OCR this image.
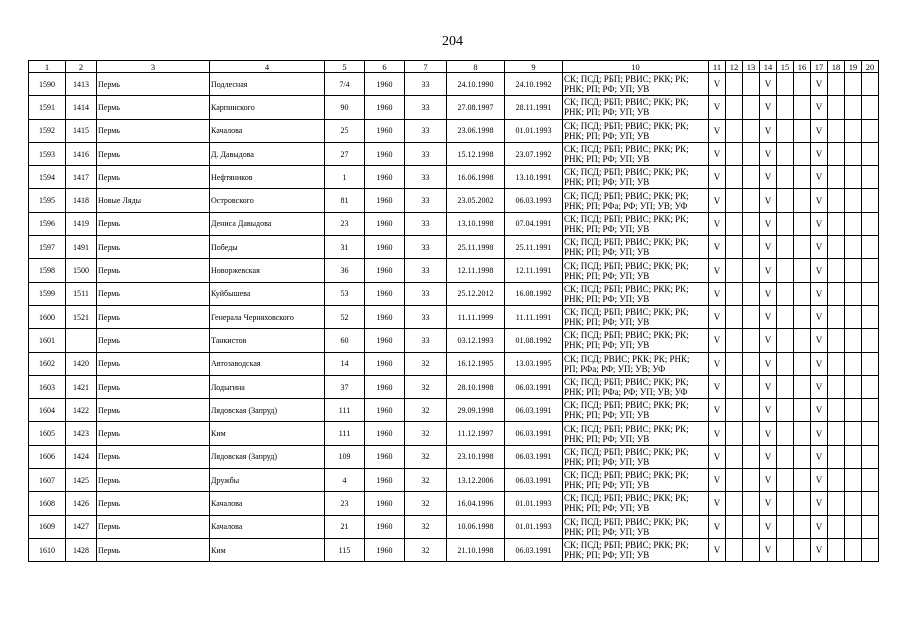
204
1	2	3	4	5	6	7	8	9	10	11	12	13	14	15	16	17	18	19	20
1590	1413	Пермь	Подлесная	7/4	1960	33	24.10.1990	24.10.1992	СК; ПСД; РБП; РВИС; РКК; РК;
РНК; РП; РФ; УП; УВ	V			V			V			
1591	1414	Пермь	Карпинского	90	1960	33	27.08.1997	28.11.1991	СК; ПСД; РБП; РВИС; РКК; РК;
РНК; РП; РФ; УП; УВ	V			V			V			
1592	1415	Пермь	Качалова	25	1960	33	23.06.1998	01.01.1993	СК; ПСД; РБП; РВИС; РКК; РК;
РНК; РП; РФ; УП; УВ	V			V			V			
1593	1416	Пермь	Д. Давыдова	27	1960	33	15.12.1998	23.07.1992	СК; ПСД; РБП; РВИС; РКК; РК;
РНК; РП; РФ; УП; УВ	V			V			V			
1594	1417	Пермь	Нефтяников	1	1960	33	16.06.1998	13.10.1991	СК; ПСД; РБП; РВИС; РКК; РК;
РНК; РП; РФ; УП; УВ	V			V			V			
1595	1418	Новые Ляды	Островского	81	1960	33	23.05.2002	06.03.1993	СК; ПСД; РБП; РВИС; РКК; РК;
РНК; РП; РФа; РФ; УП; УВ; УФ	V			V			V			
1596	1419	Пермь	Дениса Давыдова	23	1960	33	13.10.1998	07.04.1991	СК; ПСД; РБП; РВИС; РКК; РК;
РНК; РП; РФ; УП; УВ	V			V			V			
1597	1491	Пермь	Победы	31	1960	33	25.11.1998	25.11.1991	СК; ПСД; РБП; РВИС; РКК; РК;
РНК; РП; РФ; УП; УВ	V			V			V			
1598	1500	Пермь	Новоржевская	36	1960	33	12.11.1998	12.11.1991	СК; ПСД; РБП; РВИС; РКК; РК;
РНК; РП; РФ; УП; УВ	V			V			V			
1599	1511	Пермь	Куйбышева	53	1960	33	25.12.2012	16.08.1992	СК; ПСД; РБП; РВИС; РКК; РК;
РНК; РП; РФ; УП; УВ	V			V			V			
1600	1521	Пермь	Генерала Черняховского	52	1960	33	11.11.1999	11.11.1991	СК; ПСД; РБП; РВИС; РКК; РК;
РНК; РП; РФ; УП; УВ	V			V			V			
1601		Пермь	Танкистов	60	1960	33	03.12.1993	01.08.1992	СК; ПСД; РБП; РВИС; РКК; РК;
РНК; РП; РФ; УП; УВ	V			V			V			
1602	1420	Пермь	Автозаводская	14	1960	32	16.12.1995	13.03.1995	СК; ПСД; РВИС; РКК; РК; РНК;
РП; РФа; РФ; УП; УВ; УФ	V			V			V			
1603	1421	Пермь	Лодыгина	37	1960	32	28.10.1998	06.03.1991	СК; ПСД; РБП; РВИС; РКК; РК;
РНК; РП; РФа; РФ; УП; УВ; УФ	V			V			V			
1604	1422	Пермь	Лядовская (Запруд)	111	1960	32	29.09.1998	06.03.1991	СК; ПСД; РБП; РВИС; РКК; РК;
РНК; РП; РФ; УП; УВ	V			V			V			
1605	1423	Пермь	Ким	111	1960	32	11.12.1997	06.03.1991	СК; ПСД; РБП; РВИС; РКК; РК;
РНК; РП; РФ; УП; УВ	V			V			V			
1606	1424	Пермь	Лядовская (Запруд)	109	1960	32	23.10.1998	06.03.1991	СК; ПСД; РБП; РВИС; РКК; РК;
РНК; РП; РФ; УП; УВ	V			V			V			
1607	1425	Пермь	Дружбы	4	1960	32	13.12.2006	06.03.1991	СК; ПСД; РБП; РВИС; РКК; РК;
РНК; РП; РФ; УП; УВ	V			V			V			
1608	1426	Пермь	Качалова	23	1960	32	16.04.1996	01.01.1993	СК; ПСД; РБП; РВИС; РКК; РК;
РНК; РП; РФ; УП; УВ	V			V			V			
1609	1427	Пермь	Качалова	21	1960	32	10.06.1998	01.01.1993	СК; ПСД; РБП; РВИС; РКК; РК;
РНК; РП; РФ; УП; УВ	V			V			V			
1610	1428	Пермь	Ким	115	1960	32	21.10.1998	06.03.1991	СК; ПСД; РБП; РВИС; РКК; РК;
РНК; РП; РФ; УП; УВ	V			V			V			
